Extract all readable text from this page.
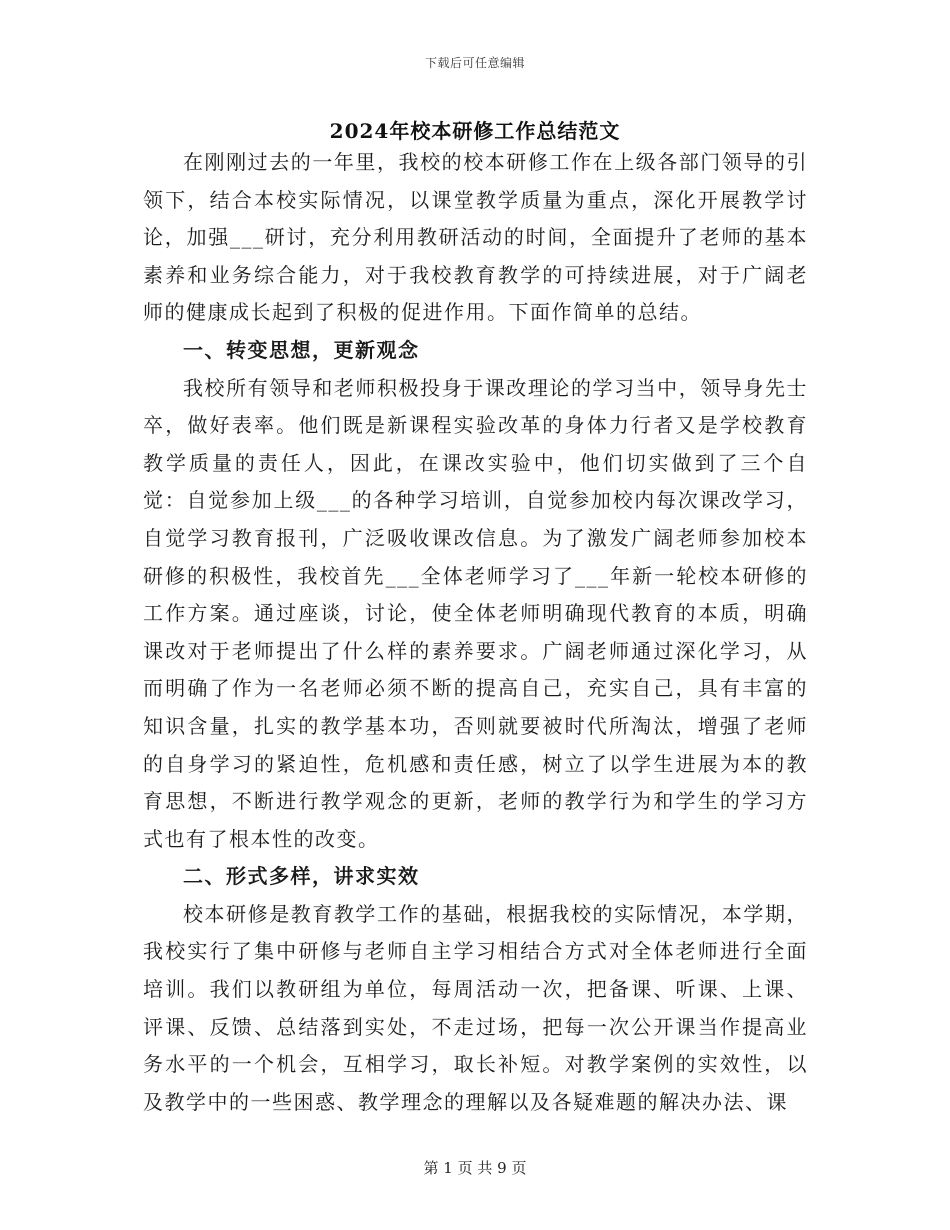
下载后可任意编辑
2024年校本研修工作总结范文

在刚刚过去的一年里，我校的校本研修工作在上级各部门领导的引领下，结合本校实际情况，以课堂教学质量为重点，深化开展教学讨论，加强___研讨，充分利用教研活动的时间，全面提升了老师的基本素养和业务综合能力，对于我校教育教学的可持续进展，对于广阔老师的健康成长起到了积极的促进作用。下面作简单的总结。

一、转变思想，更新观念

我校所有领导和老师积极投身于课改理论的学习当中，领导身先士卒，做好表率。他们既是新课程实验改革的身体力行者又是学校教育教学质量的责任人，因此，在课改实验中，他们切实做到了三个自觉：自觉参加上级___的各种学习培训，自觉参加校内每次课改学习，自觉学习教育报刊，广泛吸收课改信息。为了激发广阔老师参加校本研修的积极性，我校首先___全体老师学习了___年新一轮校本研修的工作方案。通过座谈，讨论，使全体老师明确现代教育的本质，明确课改对于老师提出了什么样的素养要求。广阔老师通过深化学习，从而明确了作为一名老师必须不断的提高自己，充实自己，具有丰富的知识含量，扎实的教学基本功，否则就要被时代所淘汰，增强了老师的自身学习的紧迫性，危机感和责任感，树立了以学生进展为本的教育思想，不断进行教学观念的更新，老师的教学行为和学生的学习方式也有了根本性的改变。

二、形式多样，讲求实效

校本研修是教育教学工作的基础，根据我校的实际情况，本学期，我校实行了集中研修与老师自主学习相结合方式对全体老师进行全面培训。我们以教研组为单位，每周活动一次，把备课、听课、上课、评课、反馈、总结落到实处，不走过场，把每一次公开课当作提高业务水平的一个机会，互相学习，取长补短。对教学案例的实效性，以及教学中的一些困惑、教学理念的理解以及各疑难题的解决办法、课

第 1 页 共 9 页
